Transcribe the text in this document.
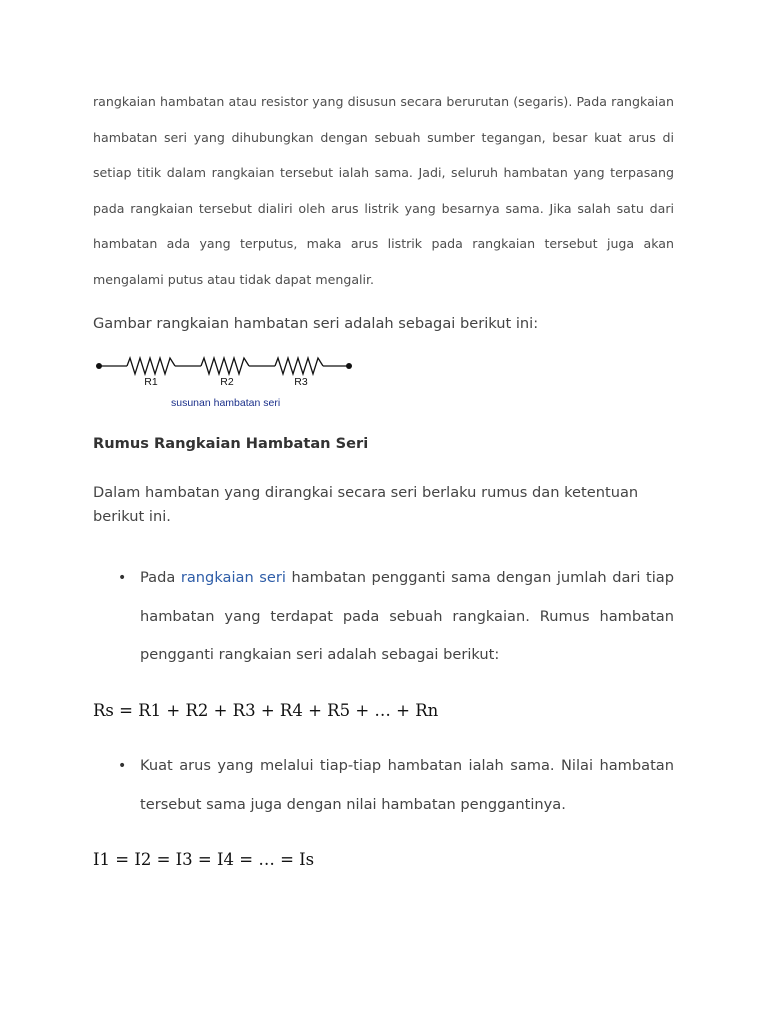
rangkaian hambatan atau resistor yang disusun secara berurutan (segaris). Pada rangkaian hambatan seri yang dihubungkan dengan sebuah sumber tegangan, besar kuat arus di setiap titik dalam rangkaian tersebut ialah sama. Jadi, seluruh hambatan yang terpasang pada rangkaian tersebut dialiri oleh arus listrik yang besarnya sama. Jika salah satu dari hambatan ada yang terputus, maka arus listrik pada rangkaian tersebut juga akan mengalami putus atau tidak dapat mengalir.

Gambar rangkaian hambatan seri adalah sebagai berikut ini:

R1	R2	R3
susunan hambatan seri

Rumus Rangkaian Hambatan Seri

Dalam hambatan yang dirangkai secara seri berlaku rumus dan ketentuan berikut ini.

• Pada rangkaian seri hambatan pengganti sama dengan jumlah dari tiap hambatan yang terdapat pada sebuah rangkaian. Rumus hambatan pengganti rangkaian seri adalah sebagai berikut:

Rs = R1 + R2 + R3 + R4 + R5 + … + Rn

• Kuat arus yang melalui tiap-tiap hambatan ialah sama. Nilai hambatan tersebut sama juga dengan nilai hambatan penggantinya.

I1 = I2 = I3 = I4 = … = Is
